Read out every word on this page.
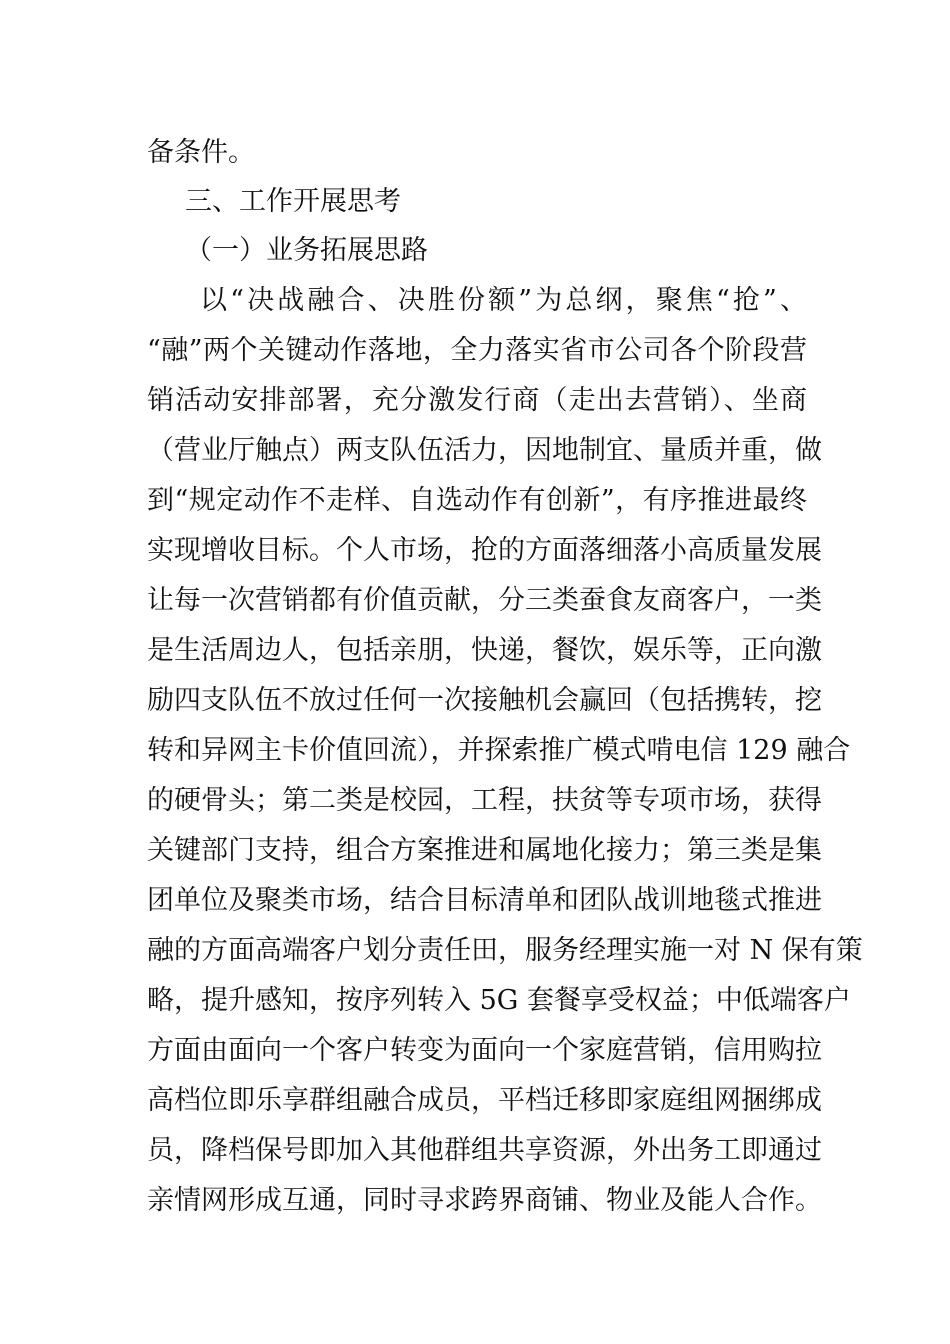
备条件。

三、工作开展思考

（一）业务拓展思路

以“决战融合、决胜份额”为总纲，聚焦“抢”、

“融”两个关键动作落地，全力落实省市公司各个阶段营

销活动安排部署，充分激发行商（走出去营销）、坐商

（营业厅触点）两支队伍活力，因地制宜、量质并重，做

到“规定动作不走样、自选动作有创新”，有序推进最终

实现增收目标。个人市场，抢的方面落细落小高质量发展

让每一次营销都有价值贡献，分三类蚕食友商客户，一类

是生活周边人，包括亲朋，快递，餐饮，娱乐等，正向激

励四支队伍不放过任何一次接触机会赢回（包括携转，挖

转和异网主卡价值回流），并探索推广模式啃电信 129 融合

的硬骨头；第二类是校园，工程，扶贫等专项市场，获得

关键部门支持，组合方案推进和属地化接力；第三类是集

团单位及聚类市场，结合目标清单和团队战训地毯式推进

融的方面高端客户划分责任田，服务经理实施一对 N 保有策

略，提升感知，按序列转入 5G 套餐享受权益；中低端客户

方面由面向一个客户转变为面向一个家庭营销，信用购拉

高档位即乐享群组融合成员，平档迁移即家庭组网捆绑成

员，降档保号即加入其他群组共享资源，外出务工即通过

亲情网形成互通，同时寻求跨界商铺、物业及能人合作。
